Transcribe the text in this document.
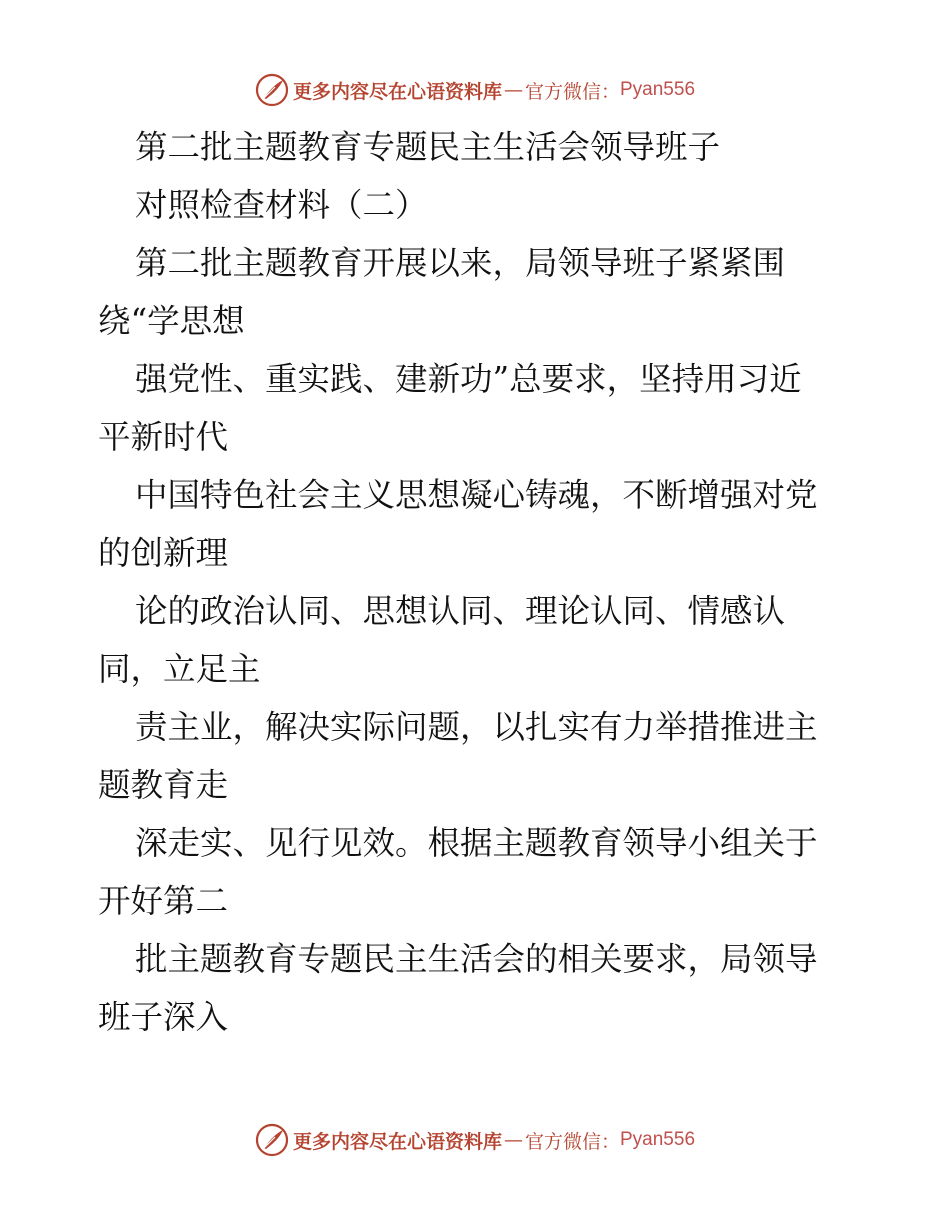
更多内容尽在心语资料库 — 官方微信： Pyan556
第二批主题教育专题民主生活会领导班子
对照检查材料（二）
第二批主题教育开展以来，局领导班子紧紧围
绕“学思想
强党性、重实践、建新功”总要求，坚持用习近
平新时代
中国特色社会主义思想凝心铸魂，不断增强对党
的创新理
论的政治认同、思想认同、理论认同、情感认
同，立足主
责主业，解决实际问题，以扎实有力举措推进主
题教育走
深走实、见行见效。根据主题教育领导小组关于
开好第二
批主题教育专题民主生活会的相关要求，局领导
班子深入
更多内容尽在心语资料库 — 官方微信： Pyan556
